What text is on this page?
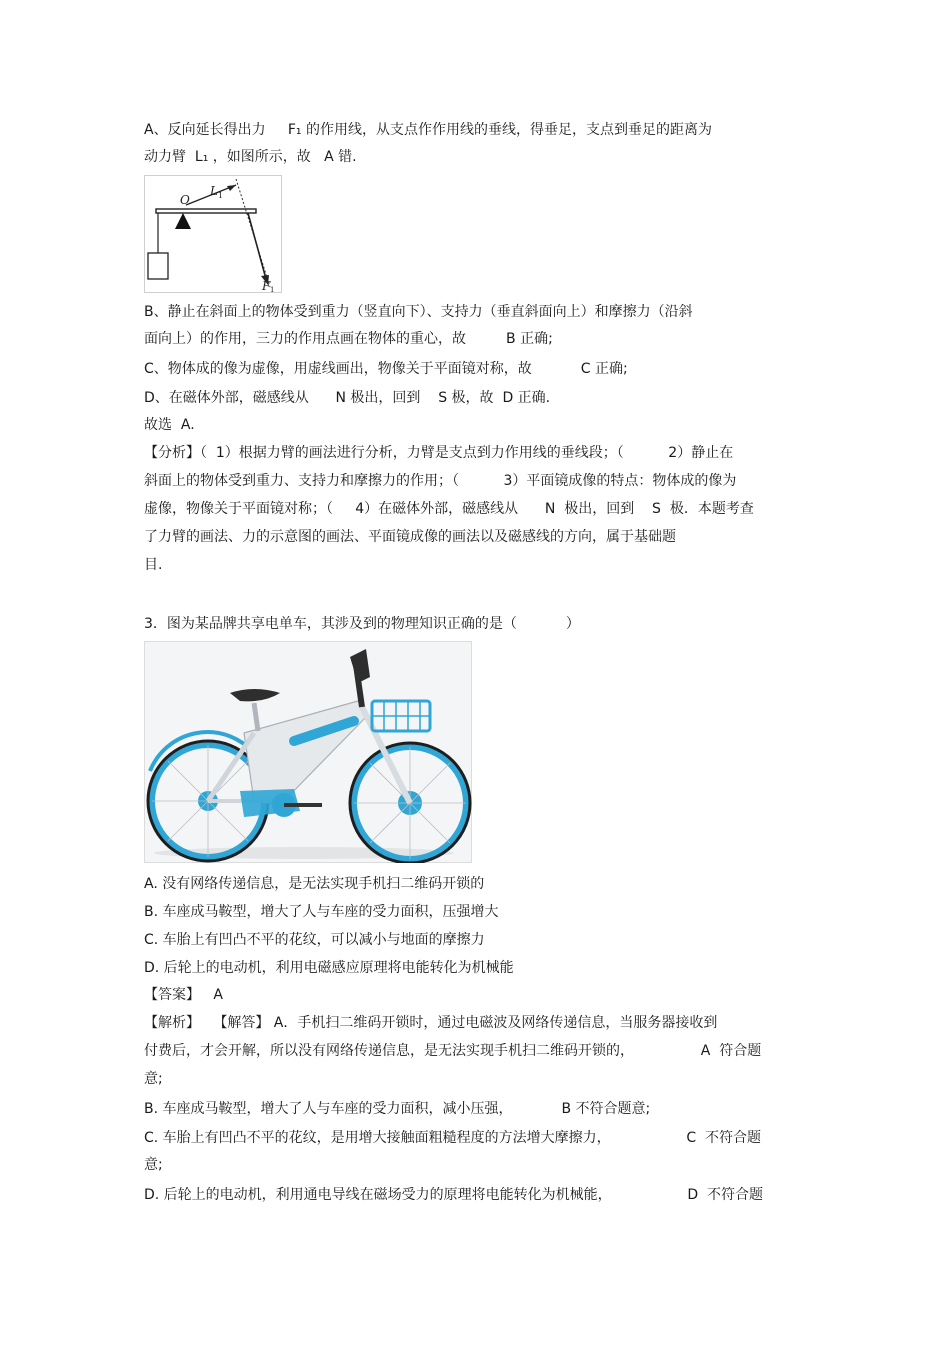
A、反向延长得出力     F₁ 的作用线，从支点作作用线的垂线，得垂足，支点到垂足的距离为
动力臂  L₁ ，如图所示，故   A 错.
O
L 1
F 1
B、静止在斜面上的物体受到重力（竖直向下）、支持力（垂直斜面向上）和摩擦力（沿斜
面向上）的作用，三力的作用点画在物体的重心，故         B 正确;
C、物体成的像为虚像，用虚线画出，物像关于平面镜对称，故           C 正确;
D、在磁体外部，磁感线从      N 极出，回到    S 极，故  D 正确.
故选  A.
【分析】（  1）根据力臂的画法进行分析，力臂是支点到力作用线的垂线段；（          2）静止在
斜面上的物体受到重力、支持力和摩擦力的作用；（          3）平面镜成像的特点：物体成的像为
虚像，物像关于平面镜对称；（     4）在磁体外部，磁感线从      N  极出，回到    S  极．本题考查
了力臂的画法、力的示意图的画法、平面镜成像的画法以及磁感线的方向，属于基础题
目.
3．图为某品牌共享电单车，其涉及到的物理知识正确的是（           ）
A. 没有网络传递信息，是无法实现手机扫二维码开锁的
B. 车座成马鞍型，增大了人与车座的受力面积，压强增大
C. 车胎上有凹凸不平的花纹，可以减小与地面的摩擦力
D. 后轮上的电动机，利用电磁感应原理将电能转化为机械能
【答案】   A
【解析】   【解答】 A．手机扫二维码开锁时，通过电磁波及网络传递信息，当服务器接收到
付费后，才会开解，所以没有网络传递信息，是无法实现手机扫二维码开锁的，               A  符合题
意;
B. 车座成马鞍型，增大了人与车座的受力面积，减小压强，           B 不符合题意;
C. 车胎上有凹凸不平的花纹，是用增大接触面粗糙程度的方法增大摩擦力，                 C  不符合题
意;
D. 后轮上的电动机，利用通电导线在磁场受力的原理将电能转化为机械能，                 D  不符合题
